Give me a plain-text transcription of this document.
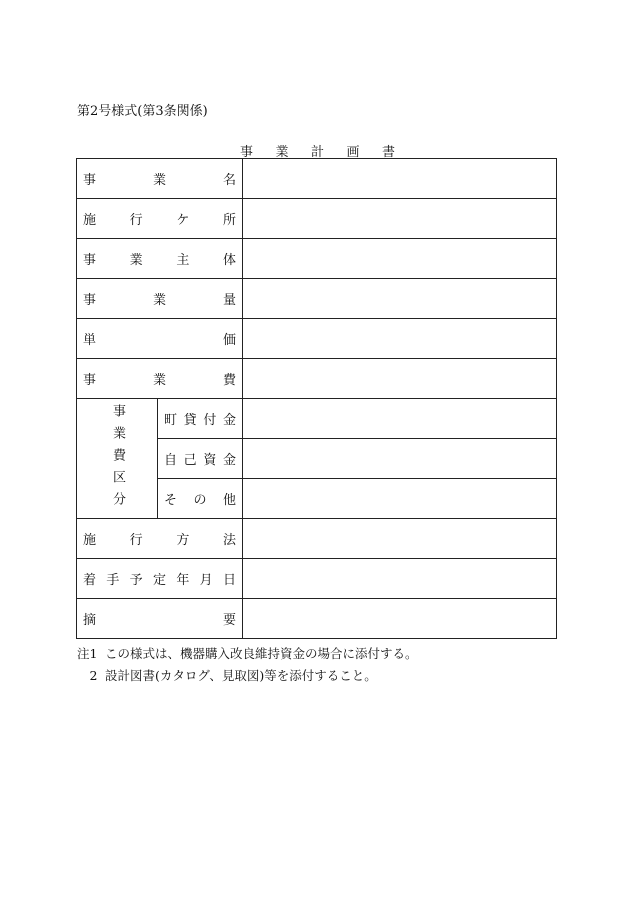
第2号様式(第3条関係)
事業計画書
事業名		

施行ケ所		

事業主体		

事業量		

単価		

事業費		

事業費区分	町貸付金	

	自己資金	

	その他	

施行方法		

着手予定年月日		

摘要		

注1 この様式は、機器購入改良維持資金の場合に添付する。
　2 設計図書(カタログ、見取図)等を添付すること。
